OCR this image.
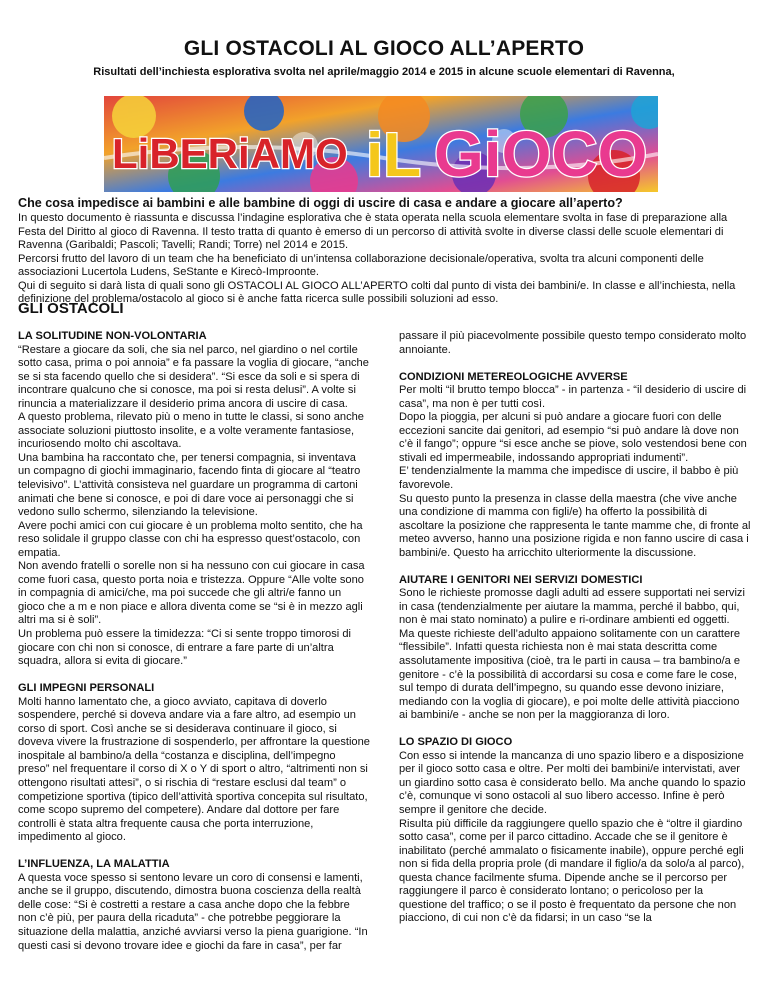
GLI OSTACOLI AL GIOCO ALL’APERTO
Risultati dell’inchiesta esplorativa svolta nel aprile/maggio 2014 e 2015 in alcune scuole elementari di Ravenna,
LiBERiAMO iL GiOCO
Che cosa impedisce ai bambini e alle bambine di oggi di uscire di casa e andare a giocare all’aperto?

In questo documento è riassunta e discussa l’indagine esplorativa che è stata operata nella scuola elementare svolta in fase di preparazione alla Festa del Diritto al gioco di Ravenna. Il testo tratta di quanto è emerso di un percorso di attività svolte in diverse classi delle scuole elementari di Ravenna (Garibaldi; Pascoli; Tavelli; Randi; Torre) nel 2014 e 2015.

Percorsi frutto del lavoro di un team che ha beneficiato di un’intensa collaborazione decisionale/operativa, svolta tra alcuni componenti delle associazioni Lucertola Ludens, SeStante e Kirecò-Improonte.

Qui di seguito si darà lista di quali sono gli OSTACOLI AL GIOCO ALL’APERTO colti dal punto di vista dei bambini/e. In classe e all’inchiesta, nella definizione del problema/ostacolo al gioco si è anche fatta ricerca sulle possibili soluzioni ad esso.

GLI OSTACOLI
LA SOLITUDINE NON-VOLONTARIA

“Restare a giocare da soli, che sia nel parco, nel giardino o nel cortile sotto casa, prima o poi annoia” e fa passare la voglia di giocare, “anche se si sta facendo quello che si desidera”. “Si esce da soli e si spera di incontrare qualcuno che si conosce, ma poi si resta delusi”. A volte si rinuncia a materializzare il desiderio prima ancora di uscire di casa.

A questo problema, rilevato più o meno in tutte le classi, si sono anche associate soluzioni piuttosto insolite, e a volte veramente fantasiose, incuriosendo molto chi ascoltava.

Una bambina ha raccontato che, per tenersi compagnia, si inventava un compagno di giochi immaginario, facendo finta di giocare al “teatro televisivo”. L’attività consisteva nel guardare un programma di cartoni animati che bene si conosce, e poi di dare voce ai personaggi che si vedono sullo schermo, silenziando la televisione.

Avere pochi amici con cui giocare è un problema molto sentito, che ha reso solidale il gruppo classe con chi ha espresso quest’ostacolo, con empatia.

Non avendo fratelli o sorelle non si ha nessuno con cui giocare in casa come fuori casa, questo porta noia e tristezza. Oppure “Alle volte sono in compagnia di amici/che, ma poi succede che gli altri/e fanno un gioco che a m e non piace e allora diventa come se “si è in mezzo agli altri ma si è soli”.

Un problema può essere la timidezza: “Ci si sente troppo timorosi di giocare con chi non si conosce, di entrare a fare parte di un’altra squadra, allora si evita di giocare.”

GLI IMPEGNI PERSONALI

Molti hanno lamentato che, a gioco avviato, capitava di doverlo sospendere, perché si doveva andare via a fare altro, ad esempio un corso di sport. Così anche se si desiderava continuare il gioco, si doveva vivere la frustrazione di sospenderlo, per affrontare la questione inospitale al bambino/a della “costanza e disciplina, dell’impegno preso” nel frequentare il corso di X o Y di sport o altro, “altrimenti non si ottengono risultati attesi”, o si rischia di “restare esclusi dal team” o competizione sportiva (tipico dell’attività sportiva concepita sul risultato, come scopo supremo del competere). Andare dal dottore per fare controlli è stata altra frequente causa che porta interruzione, impedimento al gioco.

L’INFLUENZA, LA MALATTIA

A questa voce spesso si sentono levare un coro di consensi e lamenti, anche se il gruppo, discutendo, dimostra buona coscienza della realtà delle cose: “Si è costretti a restare a casa anche dopo che la febbre non c’è più, per paura della ricaduta” - che potrebbe peggiorare la situazione della malattia, anziché avviarsi verso la piena guarigione. “In questi casi si devono trovare idee e giochi da fare in casa”, per far

passare il più piacevolmente possibile questo tempo considerato molto annoiante.

CONDIZIONI METEREOLOGICHE AVVERSE

Per molti “il brutto tempo blocca” - in partenza - “il desiderio di uscire di casa”, ma non è per tutti così.

Dopo la pioggia, per alcuni si può andare a giocare fuori con delle eccezioni sancite dai genitori, ad esempio “si può andare là dove non c’è il fango”; oppure “si esce anche se piove, solo vestendosi bene con stivali ed impermeabile, indossando appropriati indumenti”.

E’ tendenzialmente la mamma che impedisce di uscire, il babbo è più favorevole.

Su questo punto la presenza in classe della maestra (che vive anche una condizione di mamma con figli/e) ha offerto la possibilità di ascoltare la posizione che rappresenta le tante mamme che, di fronte al meteo avverso, hanno una posizione rigida e non fanno uscire di casa i bambini/e. Questo ha arricchito ulteriormente la discussione.

AIUTARE I GENITORI NEI SERVIZI DOMESTICI

Sono le richieste promosse dagli adulti ad essere supportati nei servizi in casa (tendenzialmente per aiutare la mamma, perché il babbo, qui, non è mai stato nominato) a pulire e ri-ordinare ambienti ed oggetti.

Ma queste richieste dell’adulto appaiono solitamente con un carattere “flessibile”. Infatti questa richiesta non è mai stata descritta come assolutamente impositiva (cioè, tra le parti in causa – tra bambino/a e genitore - c’è la possibilità di accordarsi su cosa e come fare le cose, sul tempo di durata dell’impegno, su quando esse devono iniziare, mediando con la voglia di giocare), e poi molte delle attività piacciono ai bambini/e - anche se non per la maggioranza di loro.

LO SPAZIO DI GIOCO

Con esso si intende la mancanza di uno spazio libero e a disposizione per il gioco sotto casa e oltre. Per molti dei bambini/e intervistati, aver un giardino sotto casa è considerato bello. Ma anche quando lo spazio c’è, comunque vi sono ostacoli al suo libero accesso. Infine è però sempre il genitore che decide.

Risulta più difficile da raggiungere quello spazio che è “oltre il giardino sotto casa”, come per il parco cittadino. Accade che se il genitore è inabilitato (perché ammalato o fisicamente inabile), oppure perché egli non si fida della propria prole (di mandare il figlio/a da solo/a al parco), questa chance facilmente sfuma. Dipende anche se il percorso per raggiungere il parco è considerato lontano; o pericoloso per la questione del traffico; o se il posto è frequentato da persone che non piacciono, di cui non c’è da fidarsi; in un caso “se la
